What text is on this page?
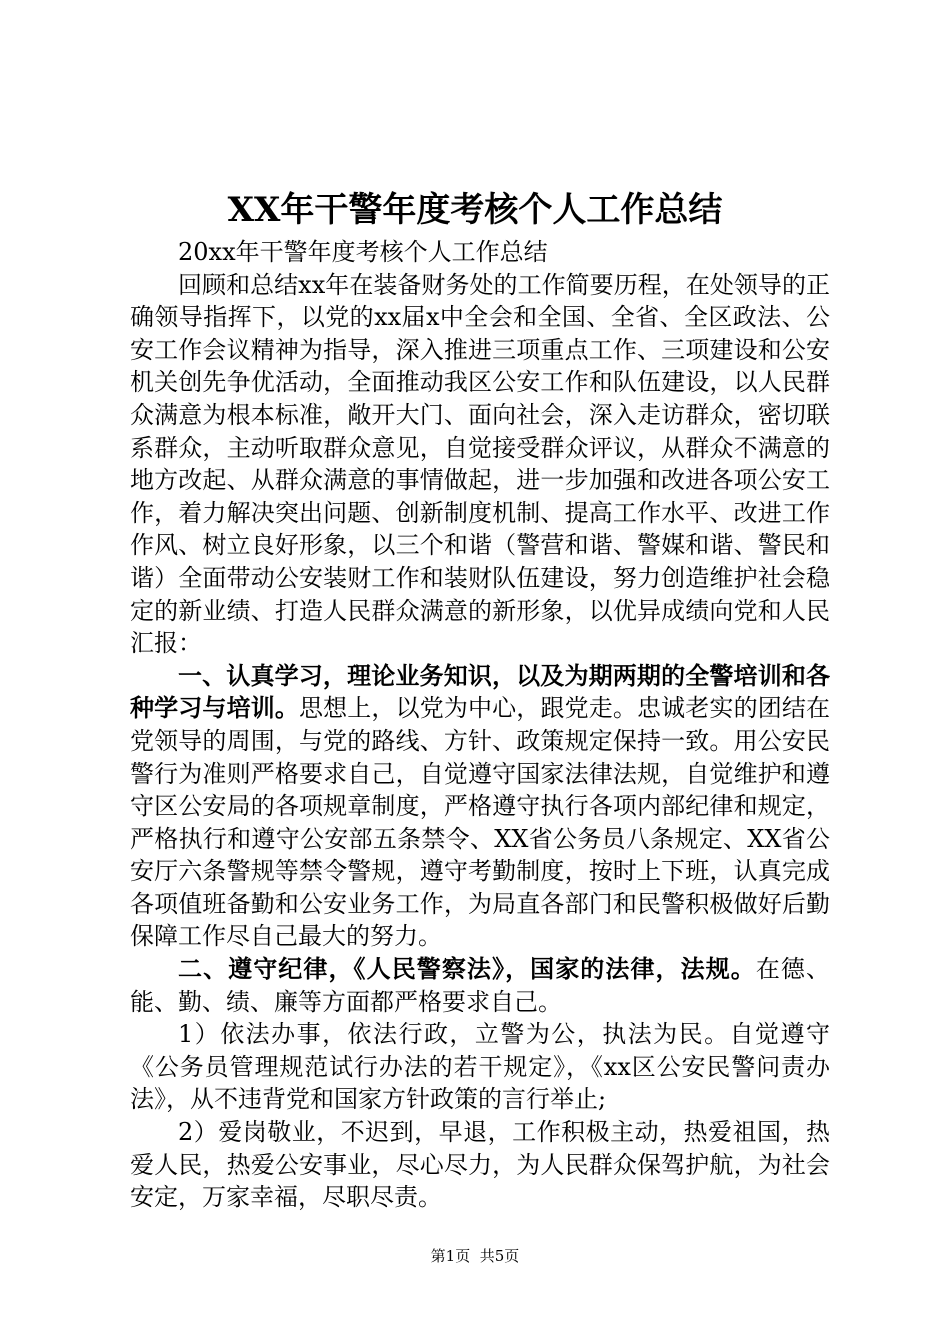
XX年干警年度考核个人工作总结

20xx年干警年度考核个人工作总结

回顾和总结xx年在装备财务处的工作简要历程，在处领导的正确领导指挥下，以党的xx届x中全会和全国、全省、全区政法、公安工作会议精神为指导，深入推进三项重点工作、三项建设和公安机关创先争优活动，全面推动我区公安工作和队伍建设，以人民群众满意为根本标准，敞开大门、面向社会，深入走访群众，密切联系群众，主动听取群众意见，自觉接受群众评议，从群众不满意的地方改起、从群众满意的事情做起，进一步加强和改进各项公安工作，着力解决突出问题、创新制度机制、提高工作水平、改进工作作风、树立良好形象，以三个和谐（警营和谐、警媒和谐、警民和谐）全面带动公安装财工作和装财队伍建设，努力创造维护社会稳定的新业绩、打造人民群众满意的新形象，以优异成绩向党和人民汇报：

一、认真学习，理论业务知识，以及为期两期的全警培训和各种学习与培训。思想上，以党为中心，跟党走。忠诚老实的团结在党领导的周围，与党的路线、方针、政策规定保持一致。用公安民警行为准则严格要求自己，自觉遵守国家法律法规，自觉维护和遵守区公安局的各项规章制度，严格遵守执行各项内部纪律和规定，严格执行和遵守公安部五条禁令、XX省公务员八条规定、XX省公安厅六条警规等禁令警规，遵守考勤制度，按时上下班，认真完成各项值班备勤和公安业务工作，为局直各部门和民警积极做好后勤保障工作尽自己最大的努力。

二、遵守纪律，《人民警察法》，国家的法律，法规。在德、能、勤、绩、廉等方面都严格要求自己。

1）依法办事，依法行政，立警为公，执法为民。自觉遵守《公务员管理规范试行办法的若干规定》，《xx区公安民警问责办法》，从不违背党和国家方针政策的言行举止;

2）爱岗敬业，不迟到，早退，工作积极主动，热爱祖国，热爱人民，热爱公安事业，尽心尽力，为人民群众保驾护航，为社会安定，万家幸福，尽职尽责。

第1页 共5页
